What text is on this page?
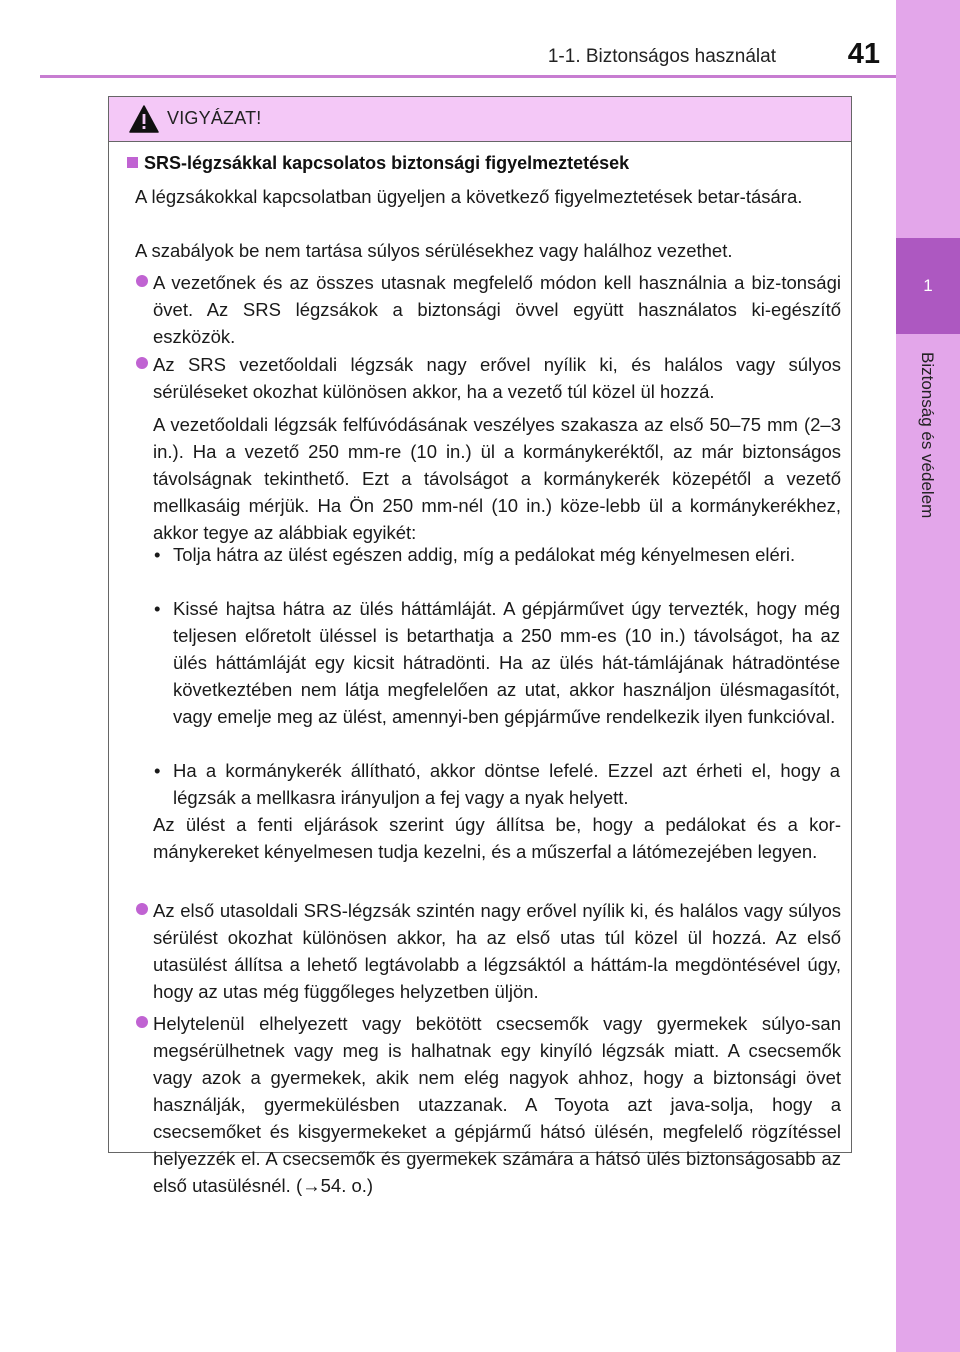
1-1. Biztonságos használat 41
1
Biztonság és védelem
VIGYÁZAT!
SRS-légzsákkal kapcsolatos biztonsági figyelmeztetések
A légzsákokkal kapcsolatban ügyeljen a következő figyelmeztetések betar-tására.
A szabályok be nem tartása súlyos sérülésekhez vagy halálhoz vezethet.
A vezetőnek és az összes utasnak megfelelő módon kell használnia a biz-tonsági övet. Az SRS légzsákok a biztonsági övvel együtt használatos ki-egészítő eszközök.
Az SRS vezetőoldali légzsák nagy erővel nyílik ki, és halálos vagy súlyos sérüléseket okozhat különösen akkor, ha a vezető túl közel ül hozzá.
A vezetőoldali légzsák felfúvódásának veszélyes szakasza az első 50–75 mm (2–3 in.). Ha a vezető 250 mm-re (10 in.) ül a kormánykeréktől, az már biztonságos távolságnak tekinthető. Ezt a távolságot a kormánykerék közepétől a vezető mellkasáig mérjük. Ha Ön 250 mm-nél (10 in.) köze-lebb ül a kormánykerékhez, akkor tegye az alábbiak egyikét:
• Tolja hátra az ülést egészen addig, míg a pedálokat még kényelmesen eléri.
• Kissé hajtsa hátra az ülés háttámláját. A gépjárművet úgy tervezték, hogy még teljesen előretolt üléssel is betarthatja a 250 mm-es (10 in.) távolságot, ha az ülés háttámláját egy kicsit hátradönti. Ha az ülés hát-támlájának hátradöntése következtében nem látja megfelelően az utat, akkor használjon ülésmagasítót, vagy emelje meg az ülést, amennyi-ben gépjárműve rendelkezik ilyen funkcióval.
• Ha a kormánykerék állítható, akkor döntse lefelé. Ezzel azt érheti el, hogy a légzsák a mellkasra irányuljon a fej vagy a nyak helyett.
Az ülést a fenti eljárások szerint úgy állítsa be, hogy a pedálokat és a kor-mánykereket kényelmesen tudja kezelni, és a műszerfal a látómezejében legyen.
Az első utasoldali SRS-légzsák szintén nagy erővel nyílik ki, és halálos vagy súlyos sérülést okozhat különösen akkor, ha az első utas túl közel ül hozzá. Az első utasülést állítsa a lehető legtávolabb a légzsáktól a háttám-la megdöntésével úgy, hogy az utas még függőleges helyzetben üljön.
Helytelenül elhelyezett vagy bekötött csecsemők vagy gyermekek súlyo-san megsérülhetnek vagy meg is halhatnak egy kinyíló légzsák miatt. A csecsemők vagy azok a gyermekek, akik nem elég nagyok ahhoz, hogy a biztonsági övet használják, gyermekülésben utazzanak. A Toyota azt java-solja, hogy a csecsemőket és kisgyermekeket a gépjármű hátsó ülésén, megfelelő rögzítéssel helyezzék el. A csecsemők és gyermekek számára a hátsó ülés biztonságosabb az első utasülésnél. (→54. o.)
